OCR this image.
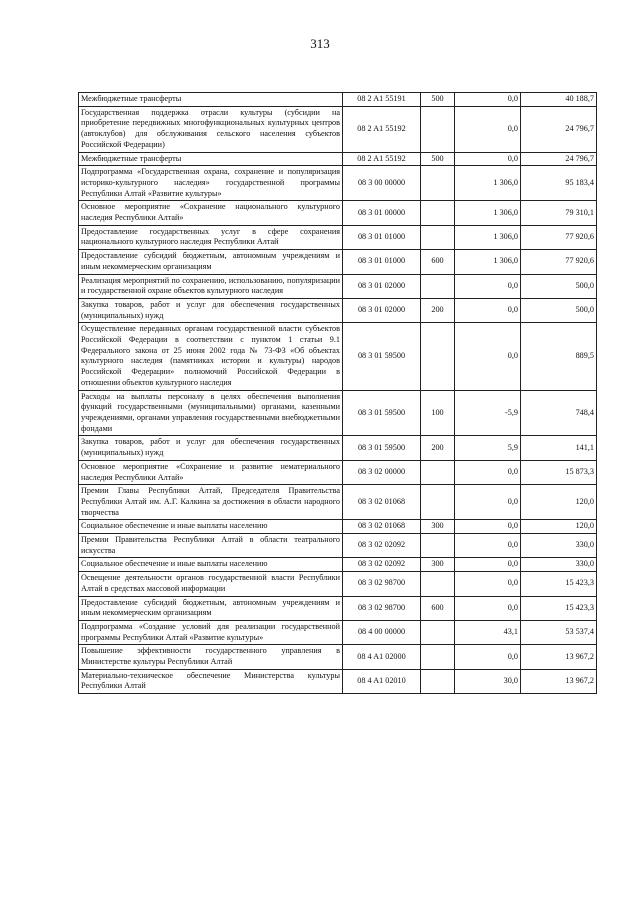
313
Межбюджетные трансферты	08 2 A1 55191	500	0,0	40 188,7
Государственная поддержка отрасли культуры (субсидии на приобретение передвижных многофункциональных культурных центров (автоклубов) для обслуживания сельского населения субъектов Российской Федерации)	08 2 A1 55192		0,0	24 796,7
Межбюджетные трансферты	08 2 A1 55192	500	0,0	24 796,7
Подпрограмма «Государственная охрана, сохранение и популяризация историко-культурного наследия» государственной программы Республики Алтай «Развитие культуры»	08 3 00 00000		1 306,0	95 183,4
Основное мероприятие «Сохранение национального культурного наследия Республики Алтай»	08 3 01 00000		1 306,0	79 310,1
Предоставление государственных услуг в сфере сохранения национального культурного наследия Республики Алтай	08 3 01 01000		1 306,0	77 920,6
Предоставление субсидий бюджетным, автономным учреждениям и иным некоммерческим организациям	08 3 01 01000	600	1 306,0	77 920,6
Реализация мероприятий по сохранению, использованию, популяризации и государственной охране объектов культурного наследия	08 3 01 02000		0,0	500,0
Закупка товаров, работ и услуг для обеспечения государственных (муниципальных) нужд	08 3 01 02000	200	0,0	500,0
Осуществление переданных органам государственной власти субъектов Российской Федерации в соответствии с пунктом 1 статьи 9.1 Федерального закона от 25 июня 2002 года № 73-ФЗ «Об объектах культурного наследия (памятниках истории и культуры) народов Российской Федерации» полномочий Российской Федерации в отношении объектов культурного наследия	08 3 01 59500		0,0	889,5
Расходы на выплаты персоналу в целях обеспечения выполнения функций государственными (муниципальными) органами, казенными учреждениями, органами управления государственными внебюджетными фондами	08 3 01 59500	100	-5,9	748,4
Закупка товаров, работ и услуг для обеспечения государственных (муниципальных) нужд	08 3 01 59500	200	5,9	141,1
Основное мероприятие «Сохранение и развитие нематериального наследия Республики Алтай»	08 3 02 00000		0,0	15 873,3
Премии Главы Республики Алтай, Председателя Правительства Республики Алтай им. А.Г. Калкина за достижения в области народного творчества	08 3 02 01068		0,0	120,0
Социальное обеспечение и иные выплаты населению	08 3 02 01068	300	0,0	120,0
Премии Правительства Республики Алтай в области театрального искусства	08 3 02 02092		0,0	330,0
Социальное обеспечение и иные выплаты населению	08 3 02 02092	300	0,0	330,0
Освещение деятельности органов государственной власти Республики Алтай в средствах массовой информации	08 3 02 98700		0,0	15 423,3
Предоставление субсидий бюджетным, автономным учреждениям и иным некоммерческим организациям	08 3 02 98700	600	0,0	15 423,3
Подпрограмма «Создание условий для реализации государственной программы Республики Алтай «Развитие культуры»	08 4 00 00000		43,1	53 537,4
Повышение эффективности государственного управления в Министерстве культуры Республики Алтай	08 4 A1 02000		0,0	13 967,2
Материально-техническое обеспечение Министерства культуры Республики Алтай	08 4 A1 02010		30,0	13 967,2
